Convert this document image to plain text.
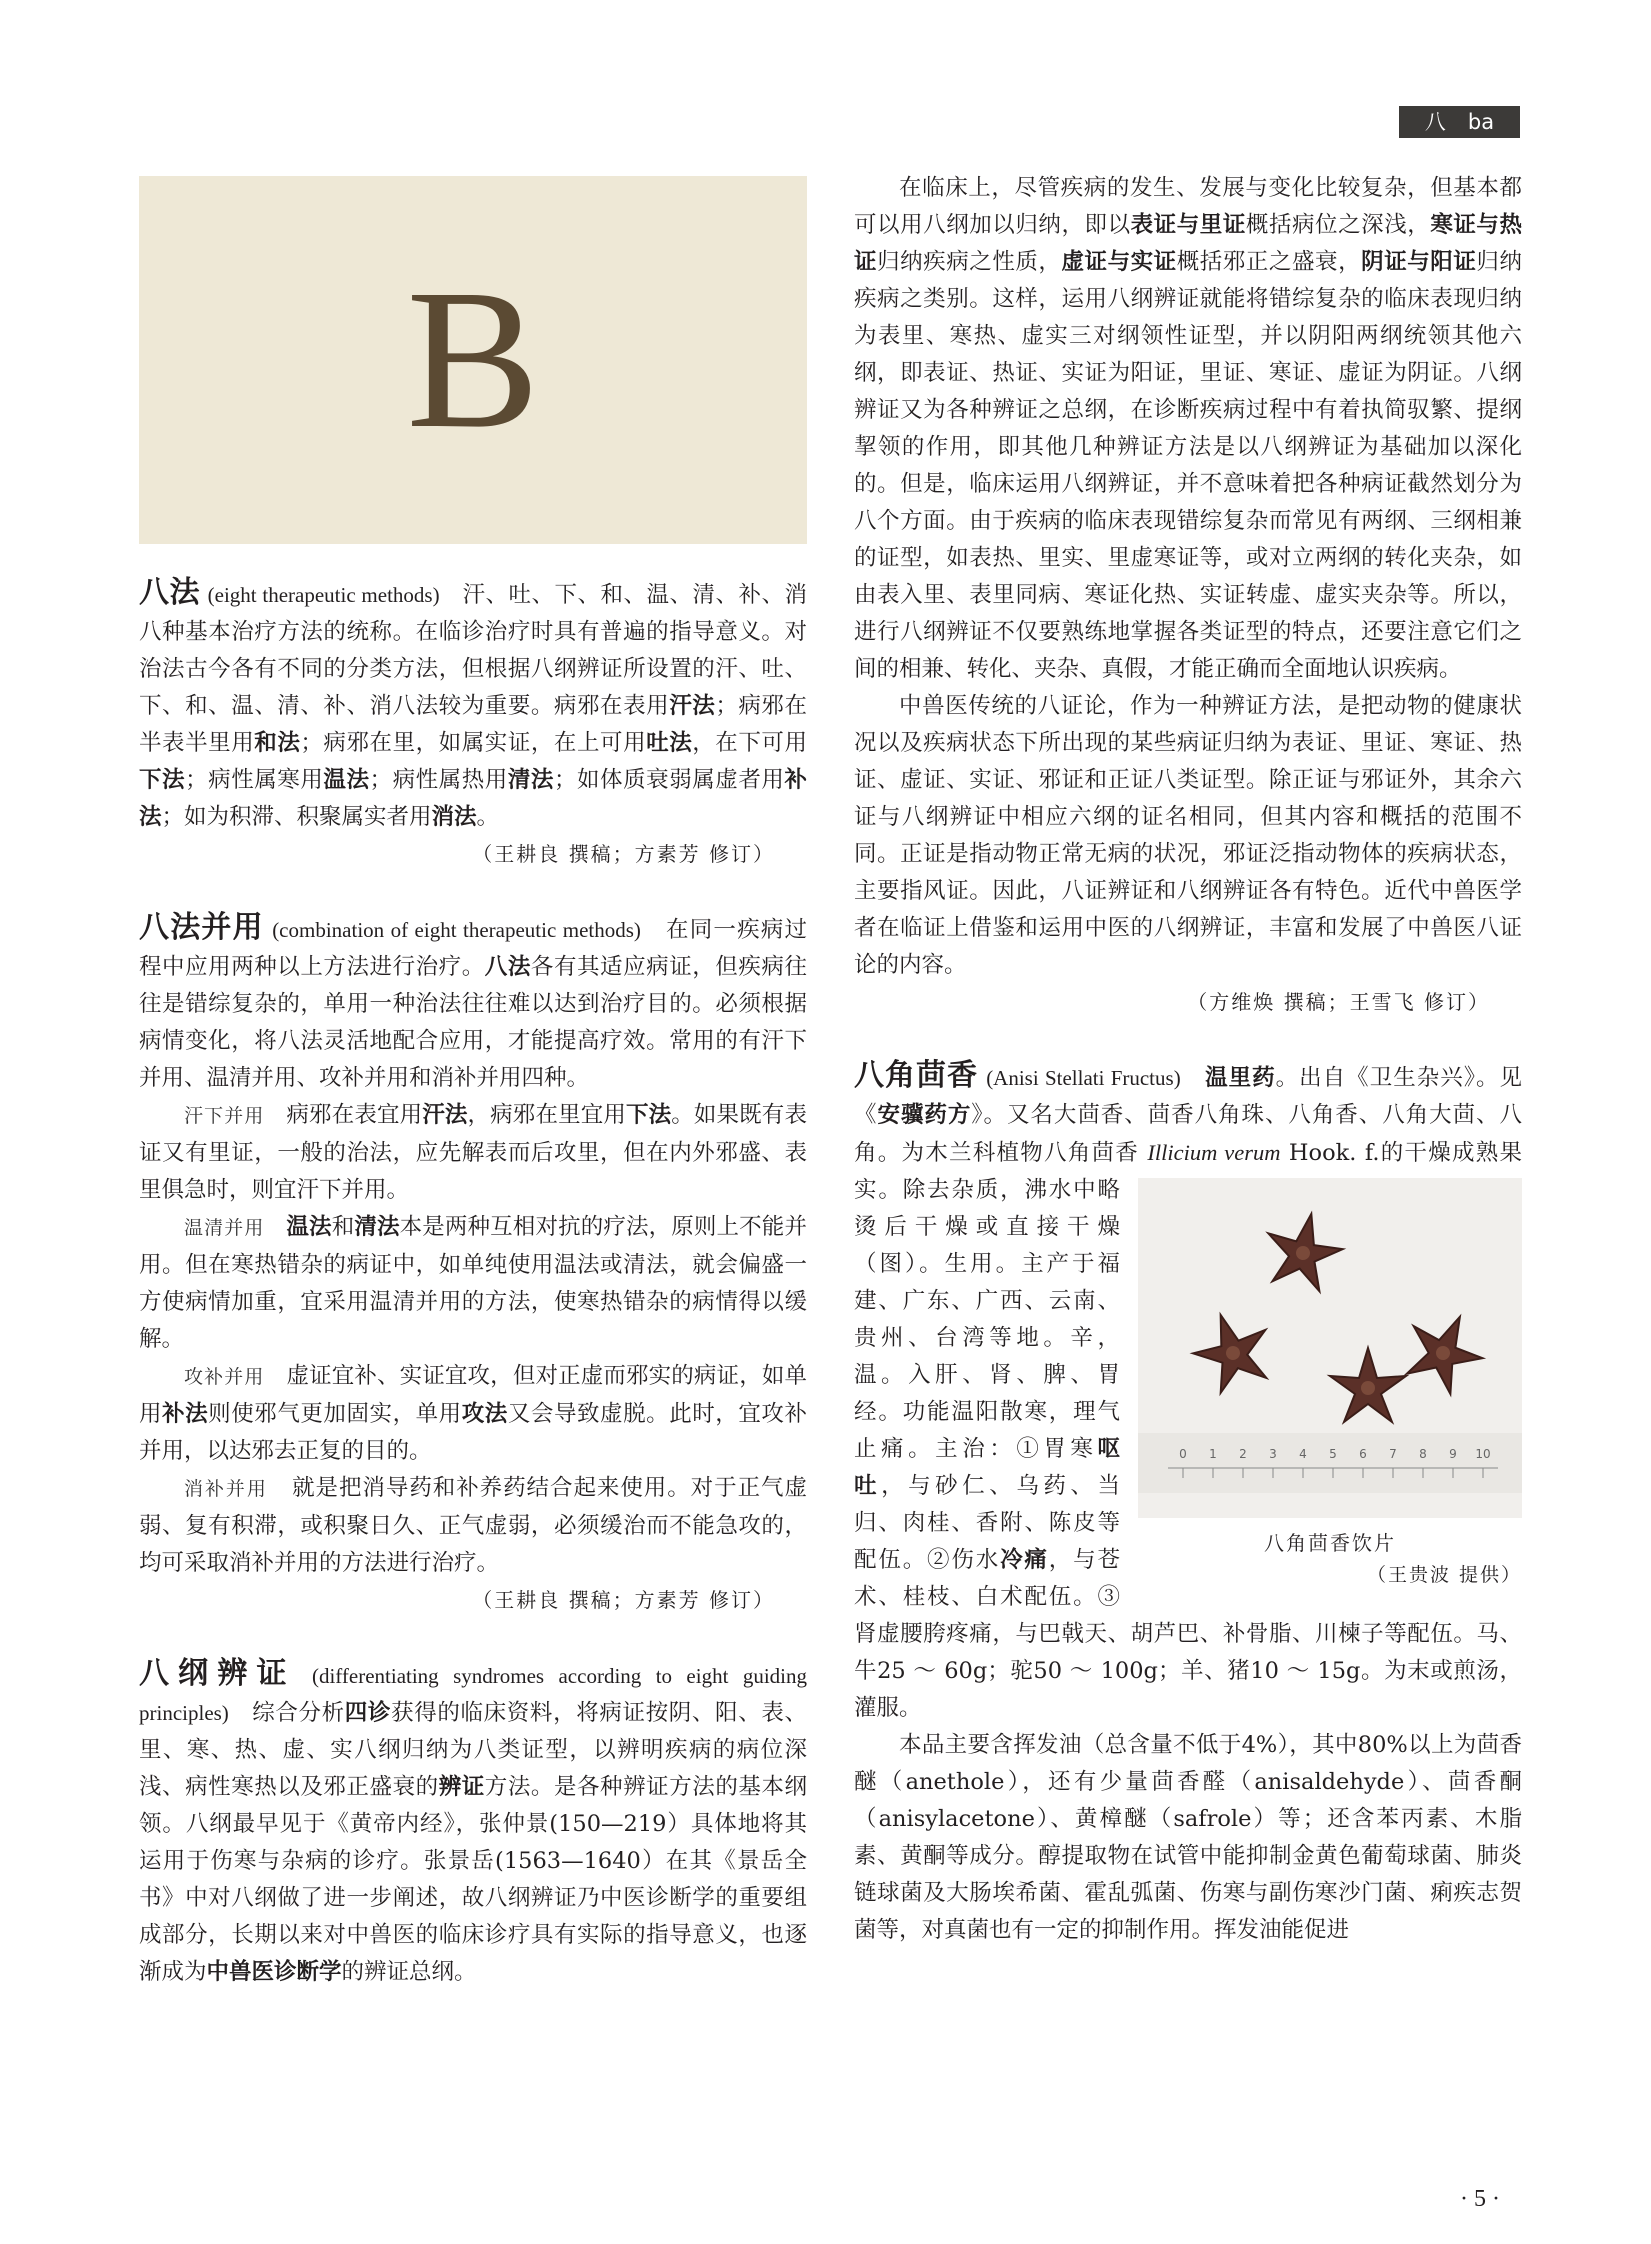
八 ba
B

八法 (eight therapeutic methods) 汗、吐、下、和、温、清、补、消八种基本治疗方法的统称。在临诊治疗时具有普遍的指导意义。对治法古今各有不同的分类方法，但根据八纲辨证所设置的汗、吐、下、和、温、清、补、消八法较为重要。病邪在表用汗法；病邪在半表半里用和法；病邪在里，如属实证，在上可用吐法，在下可用下法；病性属寒用温法；病性属热用清法；如体质衰弱属虚者用补法；如为积滞、积聚属实者用消法。

（王耕良 撰稿；方素芳 修订）

八法并用 (combination of eight therapeutic methods) 在同一疾病过程中应用两种以上方法进行治疗。八法各有其适应病证，但疾病往往是错综复杂的，单用一种治法往往难以达到治疗目的。必须根据病情变化，将八法灵活地配合应用，才能提高疗效。常用的有汗下并用、温清并用、攻补并用和消补并用四种。

汗下并用 病邪在表宜用汗法，病邪在里宜用下法。如果既有表证又有里证，一般的治法，应先解表而后攻里，但在内外邪盛、表里俱急时，则宜汗下并用。

温清并用 温法和清法本是两种互相对抗的疗法，原则上不能并用。但在寒热错杂的病证中，如单纯使用温法或清法，就会偏盛一方使病情加重，宜采用温清并用的方法，使寒热错杂的病情得以缓解。

攻补并用 虚证宜补、实证宜攻，但对正虚而邪实的病证，如单用补法则使邪气更加固实，单用攻法又会导致虚脱。此时，宜攻补并用，以达邪去正复的目的。

消补并用 就是把消导药和补养药结合起来使用。对于正气虚弱、复有积滞，或积聚日久、正气虚弱，必须缓治而不能急攻的，均可采取消补并用的方法进行治疗。

（王耕良 撰稿；方素芳 修订）

八纲辨证 (differentiating syndromes according to eight guiding principles) 综合分析四诊获得的临床资料，将病证按阴、阳、表、里、寒、热、虚、实八纲归纳为八类证型，以辨明疾病的病位深浅、病性寒热以及邪正盛衰的辨证方法。是各种辨证方法的基本纲领。八纲最早见于《黄帝内经》，张仲景(150—219）具体地将其运用于伤寒与杂病的诊疗。张景岳(1563—1640）在其《景岳全书》中对八纲做了进一步阐述，故八纲辨证乃中医诊断学的重要组成部分，长期以来对中兽医的临床诊疗具有实际的指导意义，也逐渐成为中兽医诊断学的辨证总纲。

在临床上，尽管疾病的发生、发展与变化比较复杂，但基本都可以用八纲加以归纳，即以表证与里证概括病位之深浅，寒证与热证归纳疾病之性质，虚证与实证概括邪正之盛衰，阴证与阳证归纳疾病之类别。这样，运用八纲辨证就能将错综复杂的临床表现归纳为表里、寒热、虚实三对纲领性证型，并以阴阳两纲统领其他六纲，即表证、热证、实证为阳证，里证、寒证、虚证为阴证。八纲辨证又为各种辨证之总纲，在诊断疾病过程中有着执简驭繁、提纲挈领的作用，即其他几种辨证方法是以八纲辨证为基础加以深化的。但是，临床运用八纲辨证，并不意味着把各种病证截然划分为八个方面。由于疾病的临床表现错综复杂而常见有两纲、三纲相兼的证型，如表热、里实、里虚寒证等，或对立两纲的转化夹杂，如由表入里、表里同病、寒证化热、实证转虚、虚实夹杂等。所以，进行八纲辨证不仅要熟练地掌握各类证型的特点，还要注意它们之间的相兼、转化、夹杂、真假，才能正确而全面地认识疾病。

中兽医传统的八证论，作为一种辨证方法，是把动物的健康状况以及疾病状态下所出现的某些病证归纳为表证、里证、寒证、热证、虚证、实证、邪证和正证八类证型。除正证与邪证外，其余六证与八纲辨证中相应六纲的证名相同，但其内容和概括的范围不同。正证是指动物正常无病的状况，邪证泛指动物体的疾病状态，主要指风证。因此，八证辨证和八纲辨证各有特色。近代中兽医学者在临证上借鉴和运用中医的八纲辨证，丰富和发展了中兽医八证论的内容。

（方维焕 撰稿；王雪飞 修订）

八角茴香 (Anisi Stellati Fructus) 温里药。出自《卫生杂兴》。见《安骥药方》。又名大茴香、茴香八角珠、八角香、八角大茴、八角。为木兰科植物八角茴香
0 1 2 3 4 5 6 7 8 9 10
八角茴香饮片
（王贵波 提供）
Illicium verum Hook. f.的干燥成熟果实。除去杂质，沸水中略烫后干燥或直接干燥（图）。生用。主产于福建、广东、广西、云南、贵州、台湾等地。辛，温。入肝、肾、脾、胃经。功能温阳散寒，理气止痛。主治：①胃寒呕吐，与砂仁、乌药、当归、肉桂、香附、陈皮等配伍。②伤水冷痛，与苍术、桂枝、白术配伍。③肾虚腰胯疼痛，与巴戟天、胡芦巴、补骨脂、川楝子等配伍。马、牛25 ～ 60g；驼50 ～ 100g；羊、猪10 ～ 15g。为末或煎汤，灌服。

本品主要含挥发油（总含量不低于4%），其中80%以上为茴香醚（anethole），还有少量茴香醛（anisaldehyde）、茴香酮（anisylacetone）、黄樟醚（safrole）等；还含苯丙素、木脂素、黄酮等成分。醇提取物在试管中能抑制金黄色葡萄球菌、肺炎链球菌及大肠埃希菌、霍乱弧菌、伤寒与副伤寒沙门菌、痢疾志贺菌等，对真菌也有一定的抑制作用。挥发油能促进

· 5 ·
